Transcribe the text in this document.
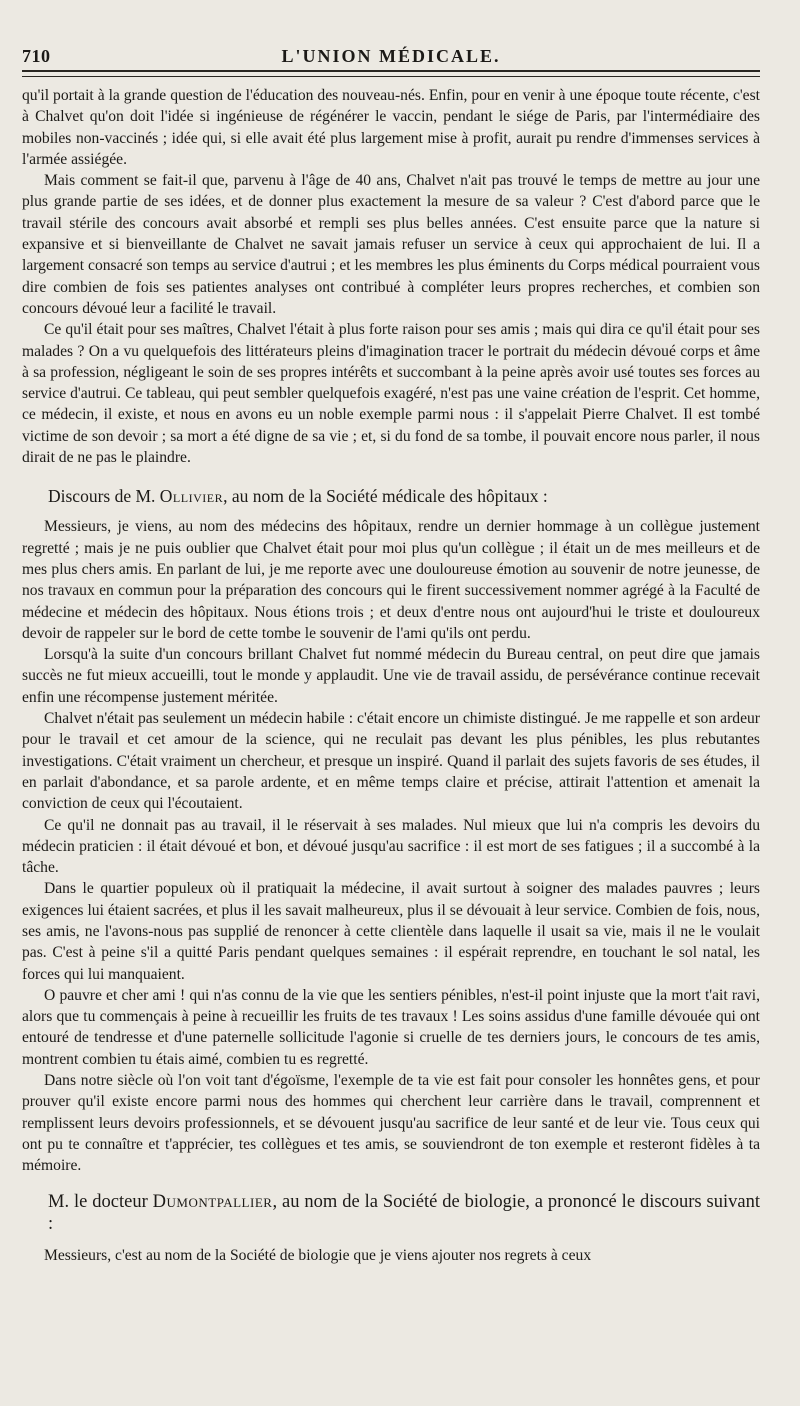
710	L'UNION MÉDICALE.

qu'il portait à la grande question de l'éducation des nouveau-nés. Enfin, pour en venir à une époque toute récente, c'est à Chalvet qu'on doit l'idée si ingénieuse de régénérer le vaccin, pendant le siége de Paris, par l'intermédiaire des mobiles non-vaccinés ; idée qui, si elle avait été plus largement mise à profit, aurait pu rendre d'immenses services à l'armée assiégée.

Mais comment se fait-il que, parvenu à l'âge de 40 ans, Chalvet n'ait pas trouvé le temps de mettre au jour une plus grande partie de ses idées, et de donner plus exactement la mesure de sa valeur ? C'est d'abord parce que le travail stérile des concours avait absorbé et rempli ses plus belles années. C'est ensuite parce que la nature si expansive et si bienveillante de Chalvet ne savait jamais refuser un service à ceux qui approchaient de lui. Il a largement consacré son temps au service d'autrui ; et les membres les plus éminents du Corps médical pourraient vous dire combien de fois ses patientes analyses ont contribué à compléter leurs propres recherches, et combien son concours dévoué leur a facilité le travail.

Ce qu'il était pour ses maîtres, Chalvet l'était à plus forte raison pour ses amis ; mais qui dira ce qu'il était pour ses malades ? On a vu quelquefois des littérateurs pleins d'imagination tracer le portrait du médecin dévoué corps et âme à sa profession, négligeant le soin de ses propres intérêts et succombant à la peine après avoir usé toutes ses forces au service d'autrui. Ce tableau, qui peut sembler quelquefois exagéré, n'est pas une vaine création de l'esprit. Cet homme, ce médecin, il existe, et nous en avons eu un noble exemple parmi nous : il s'appelait Pierre Chalvet. Il est tombé victime de son devoir ; sa mort a été digne de sa vie ; et, si du fond de sa tombe, il pouvait encore nous parler, il nous dirait de ne pas le plaindre.

Discours de M. Ollivier, au nom de la Société médicale des hôpitaux :

Messieurs, je viens, au nom des médecins des hôpitaux, rendre un dernier hommage à un collègue justement regretté ; mais je ne puis oublier que Chalvet était pour moi plus qu'un collègue ; il était un de mes meilleurs et de mes plus chers amis. En parlant de lui, je me reporte avec une douloureuse émotion au souvenir de notre jeunesse, de nos travaux en commun pour la préparation des concours qui le firent successivement nommer agrégé à la Faculté de médecine et médecin des hôpitaux. Nous étions trois ; et deux d'entre nous ont aujourd'hui le triste et douloureux devoir de rappeler sur le bord de cette tombe le souvenir de l'ami qu'ils ont perdu.

Lorsqu'à la suite d'un concours brillant Chalvet fut nommé médecin du Bureau central, on peut dire que jamais succès ne fut mieux accueilli, tout le monde y applaudit. Une vie de travail assidu, de persévérance continue recevait enfin une récompense justement méritée.

Chalvet n'était pas seulement un médecin habile : c'était encore un chimiste distingué. Je me rappelle et son ardeur pour le travail et cet amour de la science, qui ne reculait pas devant les plus pénibles, les plus rebutantes investigations. C'était vraiment un chercheur, et presque un inspiré. Quand il parlait des sujets favoris de ses études, il en parlait d'abondance, et sa parole ardente, et en même temps claire et précise, attirait l'attention et amenait la conviction de ceux qui l'écoutaient.

Ce qu'il ne donnait pas au travail, il le réservait à ses malades. Nul mieux que lui n'a compris les devoirs du médecin praticien : il était dévoué et bon, et dévoué jusqu'au sacrifice : il est mort de ses fatigues ; il a succombé à la tâche.

Dans le quartier populeux où il pratiquait la médecine, il avait surtout à soigner des malades pauvres ; leurs exigences lui étaient sacrées, et plus il les savait malheureux, plus il se dévouait à leur service. Combien de fois, nous, ses amis, ne l'avons-nous pas supplié de renoncer à cette clientèle dans laquelle il usait sa vie, mais il ne le voulait pas. C'est à peine s'il a quitté Paris pendant quelques semaines : il espérait reprendre, en touchant le sol natal, les forces qui lui manquaient.

O pauvre et cher ami ! qui n'as connu de la vie que les sentiers pénibles, n'est-il point injuste que la mort t'ait ravi, alors que tu commençais à peine à recueillir les fruits de tes travaux ! Les soins assidus d'une famille dévouée qui ont entouré de tendresse et d'une paternelle sollicitude l'agonie si cruelle de tes derniers jours, le concours de tes amis, montrent combien tu étais aimé, combien tu es regretté.

Dans notre siècle où l'on voit tant d'égoïsme, l'exemple de ta vie est fait pour consoler les honnêtes gens, et pour prouver qu'il existe encore parmi nous des hommes qui cherchent leur carrière dans le travail, comprennent et remplissent leurs devoirs professionnels, et se dévouent jusqu'au sacrifice de leur santé et de leur vie. Tous ceux qui ont pu te connaître et t'apprécier, tes collègues et tes amis, se souviendront de ton exemple et resteront fidèles à ta mémoire.

M. le docteur Dumontpallier, au nom de la Société de biologie, a prononcé le discours suivant :

Messieurs, c'est au nom de la Société de biologie que je viens ajouter nos regrets à ceux
